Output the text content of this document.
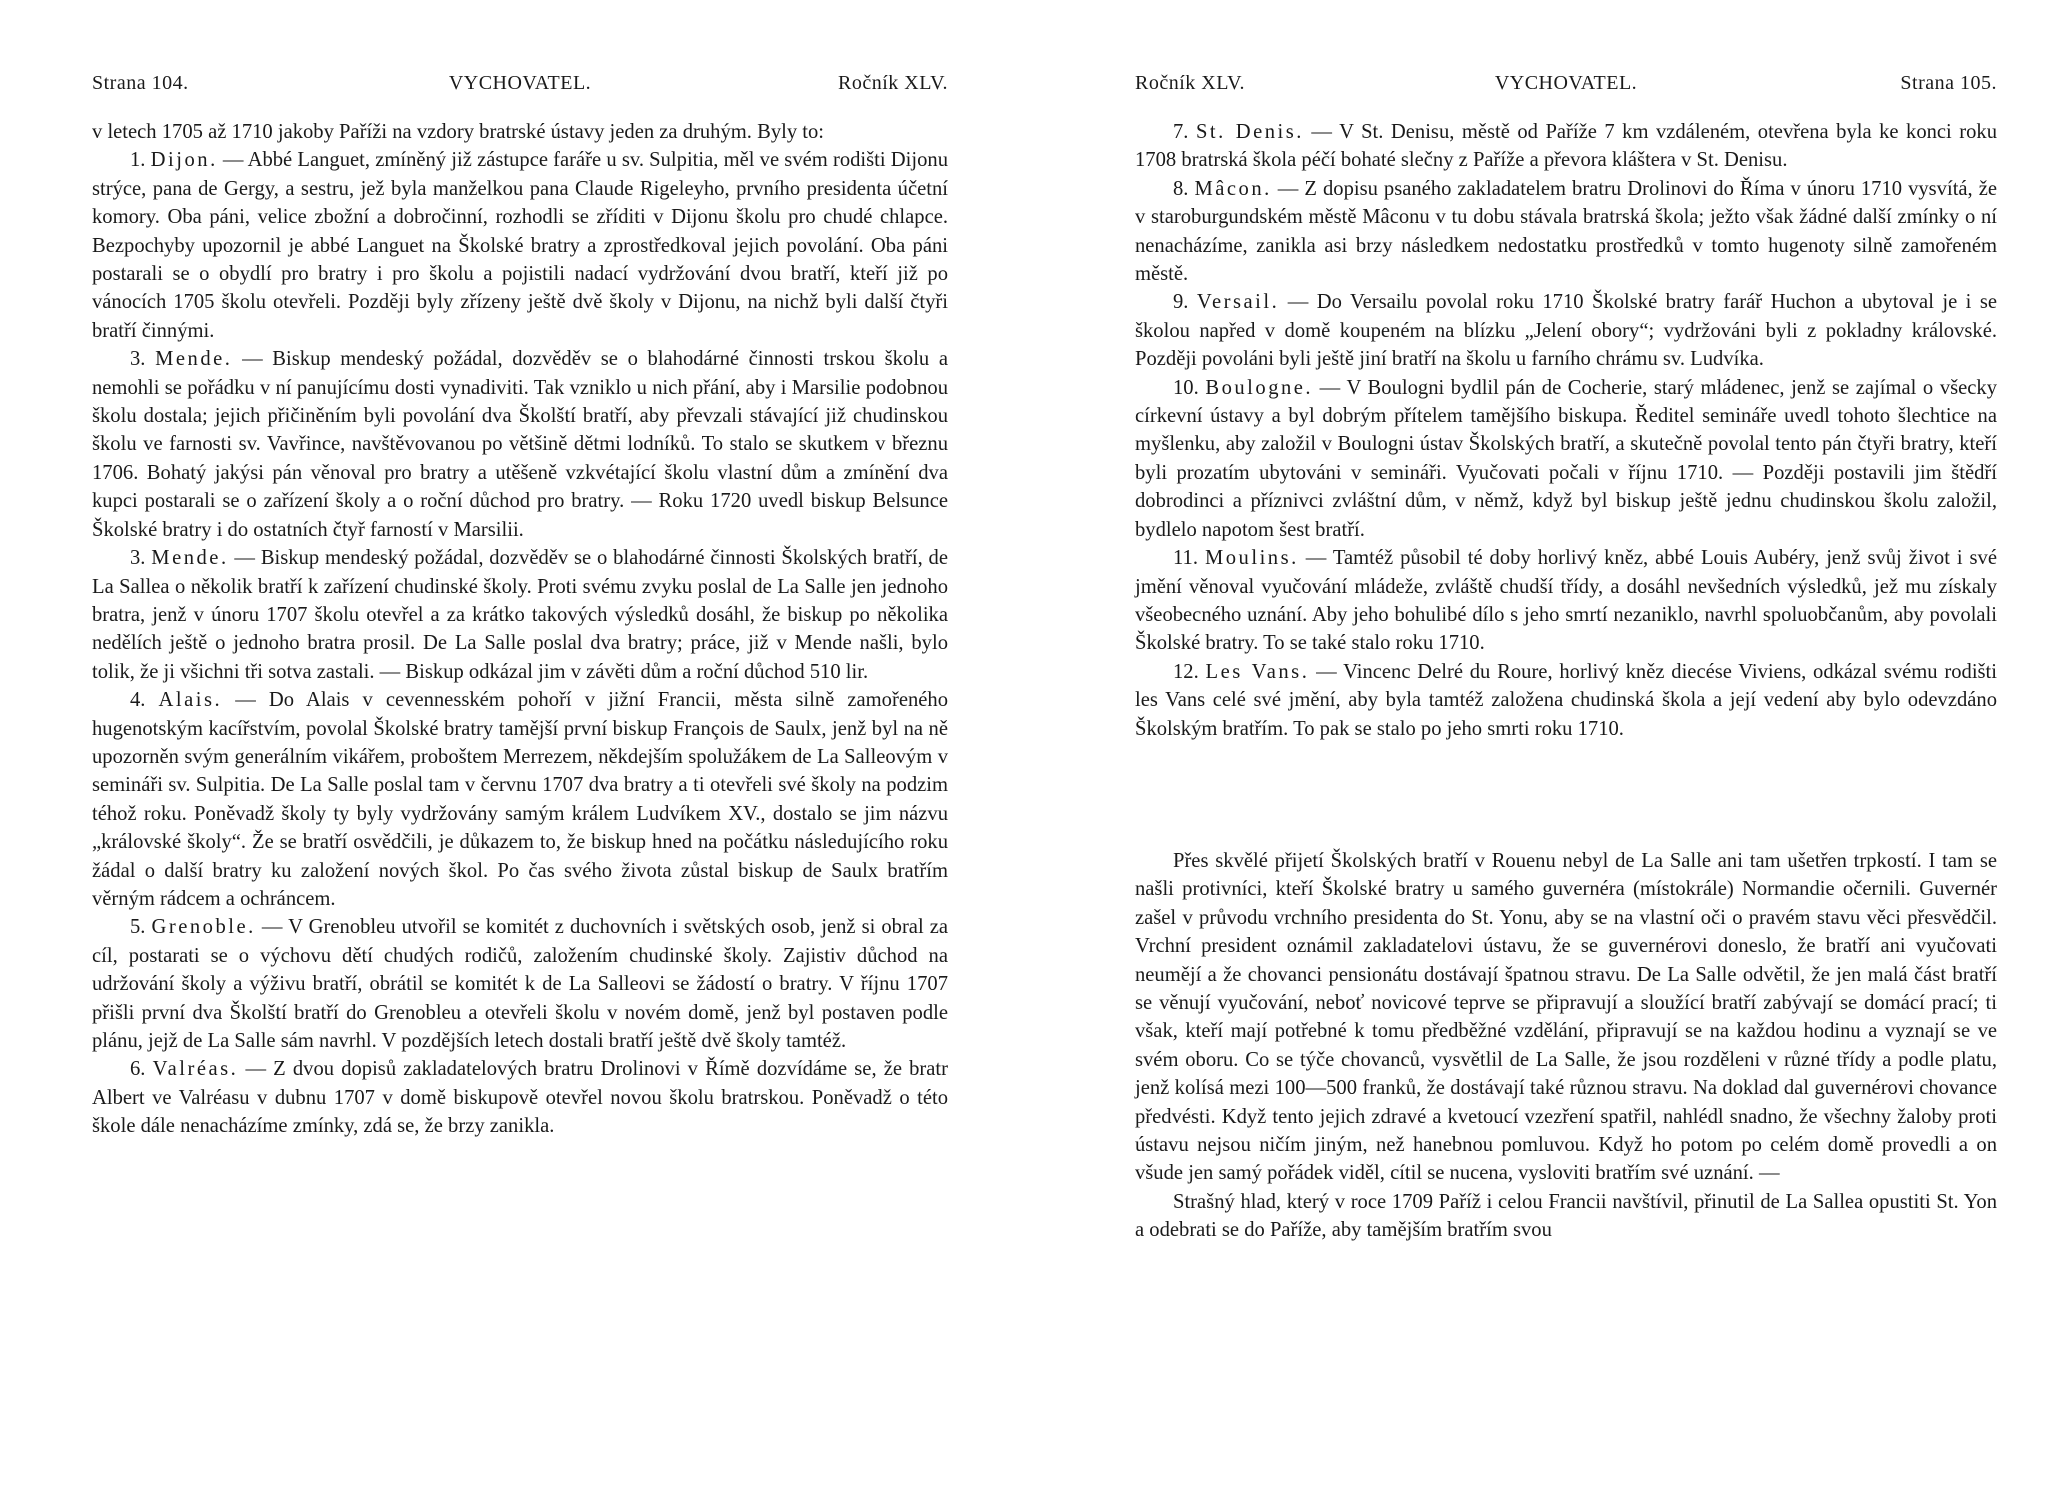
Strana 104.	VYCHOVATEL.	Ročník XLV.

v letech 1705 až 1710 jakoby Paříži na vzdory bratrské ústavy jeden za druhým. Byly to:

1. Dijon. — Abbé Languet, zmíněný již zástupce faráře u sv. Sulpitia, měl ve svém rodišti Dijonu strýce, pana de Gergy, a sestru, jež byla manželkou pana Claude Rigeleyho, prvního presidenta účetní komory. Oba páni, velice zbožní a dobročinní, rozhodli se zříditi v Dijonu školu pro chudé chlapce. Bezpochyby upozornil je abbé Languet na Školské bratry a zprostředkoval jejich povolání. Oba páni postarali se o obydlí pro bratry i pro školu a pojistili nadací vydržování dvou bratří, kteří již po vánocích 1705 školu otevřeli. Později byly zřízeny ještě dvě školy v Dijonu, na nichž byli další čtyři bratří činnými.

3. Mende. — Biskup mendeský požádal, dozvěděv se o blahodárné činnosti trskou školu a nemohli se pořádku v ní panujícímu dosti vynadiviti. Tak vzniklo u nich přání, aby i Marsilie podobnou školu dostala; jejich přičiněním byli povolání dva Školští bratří, aby převzali stávající již chudinskou školu ve farnosti sv. Vavřince, navštěvovanou po většině dětmi lodníků. To stalo se skutkem v březnu 1706. Bohatý jakýsi pán věnoval pro bratry a utěšeně vzkvétající školu vlastní dům a zmínění dva kupci postarali se o zařízení školy a o roční důchod pro bratry. — Roku 1720 uvedl biskup Belsunce Školské bratry i do ostatních čtyř farností v Marsilii.

3. Mende. — Biskup mendeský požádal, dozvěděv se o blahodárné činnosti Školských bratří, de La Sallea o několik bratří k zařízení chudinské školy. Proti svému zvyku poslal de La Salle jen jednoho bratra, jenž v únoru 1707 školu otevřel a za krátko takových výsledků dosáhl, že biskup po několika nedělích ještě o jednoho bratra prosil. De La Salle poslal dva bratry; práce, již v Mende našli, bylo tolik, že ji všichni tři sotva zastali. — Biskup odkázal jim v závěti dům a roční důchod 510 lir.

4. Alais. — Do Alais v cevennesském pohoří v jižní Francii, města silně zamořeného hugenotským kacířstvím, povolal Školské bratry tamější první biskup François de Saulx, jenž byl na ně upozorněn svým generálním vikářem, proboštem Merrezem, někdejším spolužákem de La Salleovým v semináři sv. Sulpitia. De La Salle poslal tam v červnu 1707 dva bratry a ti otevřeli své školy na podzim téhož roku. Poněvadž školy ty byly vydržovány samým králem Ludvíkem XV., dostalo se jim názvu „královské školy“. Že se bratří osvědčili, je důkazem to, že biskup hned na počátku následujícího roku žádal o další bratry ku založení nových škol. Po čas svého života zůstal biskup de Saulx bratřím věrným rádcem a ochráncem.

5. Grenoble. — V Grenobleu utvořil se komitét z duchovních i světských osob, jenž si obral za cíl, postarati se o výchovu dětí chudých rodičů, založením chudinské školy. Zajistiv důchod na udržování školy a výživu bratří, obrátil se komitét k de La Salleovi se žádostí o bratry. V říjnu 1707 přišli první dva Školští bratří do Grenobleu a otevřeli školu v novém domě, jenž byl postaven podle plánu, jejž de La Salle sám navrhl. V pozdějších letech dostali bratří ještě dvě školy tamtéž.

6. Valréas. — Z dvou dopisů zakladatelových bratru Drolinovi v Římě dozvídáme se, že bratr Albert ve Valréasu v dubnu 1707 v domě biskupově otevřel novou školu bratrskou. Poněvadž o této škole dále nenacházíme zmínky, zdá se, že brzy zanikla.

Ročník XLV.	VYCHOVATEL.	Strana 105.

7. St. Denis. — V St. Denisu, městě od Paříže 7 km vzdáleném, otevřena byla ke konci roku 1708 bratrská škola péčí bohaté slečny z Paříže a převora kláštera v St. Denisu.

8. Mâcon. — Z dopisu psaného zakladatelem bratru Drolinovi do Říma v únoru 1710 vysvítá, že v staroburgundském městě Mâconu v tu dobu stávala bratrská škola; ježto však žádné další zmínky o ní nenacházíme, zanikla asi brzy následkem nedostatku prostředků v tomto hugenoty silně zamořeném městě.

9. Versail. — Do Versailu povolal roku 1710 Školské bratry farář Huchon a ubytoval je i se školou napřed v domě koupeném na blízku „Jelení obory“; vydržováni byli z pokladny královské. Později povoláni byli ještě jiní bratří na školu u farního chrámu sv. Ludvíka.

10. Boulogne. — V Boulogni bydlil pán de Cocherie, starý mládenec, jenž se zajímal o všecky církevní ústavy a byl dobrým přítelem tamějšího biskupa. Ředitel semináře uvedl tohoto šlechtice na myšlenku, aby založil v Boulogni ústav Školských bratří, a skutečně povolal tento pán čtyři bratry, kteří byli prozatím ubytováni v semináři. Vyučovati počali v říjnu 1710. — Později postavili jim štědří dobrodinci a příznivci zvláštní dům, v němž, když byl biskup ještě jednu chudinskou školu založil, bydlelo napotom šest bratří.

11. Moulins. — Tamtéž působil té doby horlivý kněz, abbé Louis Aubéry, jenž svůj život i své jmění věnoval vyučování mládeže, zvláště chudší třídy, a dosáhl nevšedních výsledků, jež mu získaly všeobecného uznání. Aby jeho bohulibé dílo s jeho smrtí nezaniklo, navrhl spoluobčanům, aby povolali Školské bratry. To se také stalo roku 1710.

12. Les Vans. — Vincenc Delré du Roure, horlivý kněz diecése Viviens, odkázal svému rodišti les Vans celé své jmění, aby byla tamtéž založena chudinská škola a její vedení aby bylo odevzdáno Školským bratřím. To pak se stalo po jeho smrti roku 1710.

Přes skvělé přijetí Školských bratří v Rouenu nebyl de La Salle ani tam ušetřen trpkostí. I tam se našli protivníci, kteří Školské bratry u samého guvernéra (místokrále) Normandie očernili. Guvernér zašel v průvodu vrchního presidenta do St. Yonu, aby se na vlastní oči o pravém stavu věci přesvědčil. Vrchní president oznámil zakladatelovi ústavu, že se guvernérovi doneslo, že bratří ani vyučovati neumějí a že chovanci pensionátu dostávají špatnou stravu. De La Salle odvětil, že jen malá část bratří se věnují vyučování, neboť novicové teprve se připravují a sloužící bratří zabývají se domácí prací; ti však, kteří mají potřebné k tomu předběžné vzdělání, připravují se na každou hodinu a vyznají se ve svém oboru. Co se týče chovanců, vysvětlil de La Salle, že jsou rozděleni v různé třídy a podle platu, jenž kolísá mezi 100—500 franků, že dostávají také různou stravu. Na doklad dal guvernérovi chovance předvésti. Když tento jejich zdravé a kvetoucí vzezření spatřil, nahlédl snadno, že všechny žaloby proti ústavu nejsou ničím jiným, než hanebnou pomluvou. Když ho potom po celém domě provedli a on všude jen samý pořádek viděl, cítil se nucena, vysloviti bratřím své uznání. —

Strašný hlad, který v roce 1709 Paříž i celou Francii navštívil, přinutil de La Sallea opustiti St. Yon a odebrati se do Paříže, aby tamějším bratřím svou
